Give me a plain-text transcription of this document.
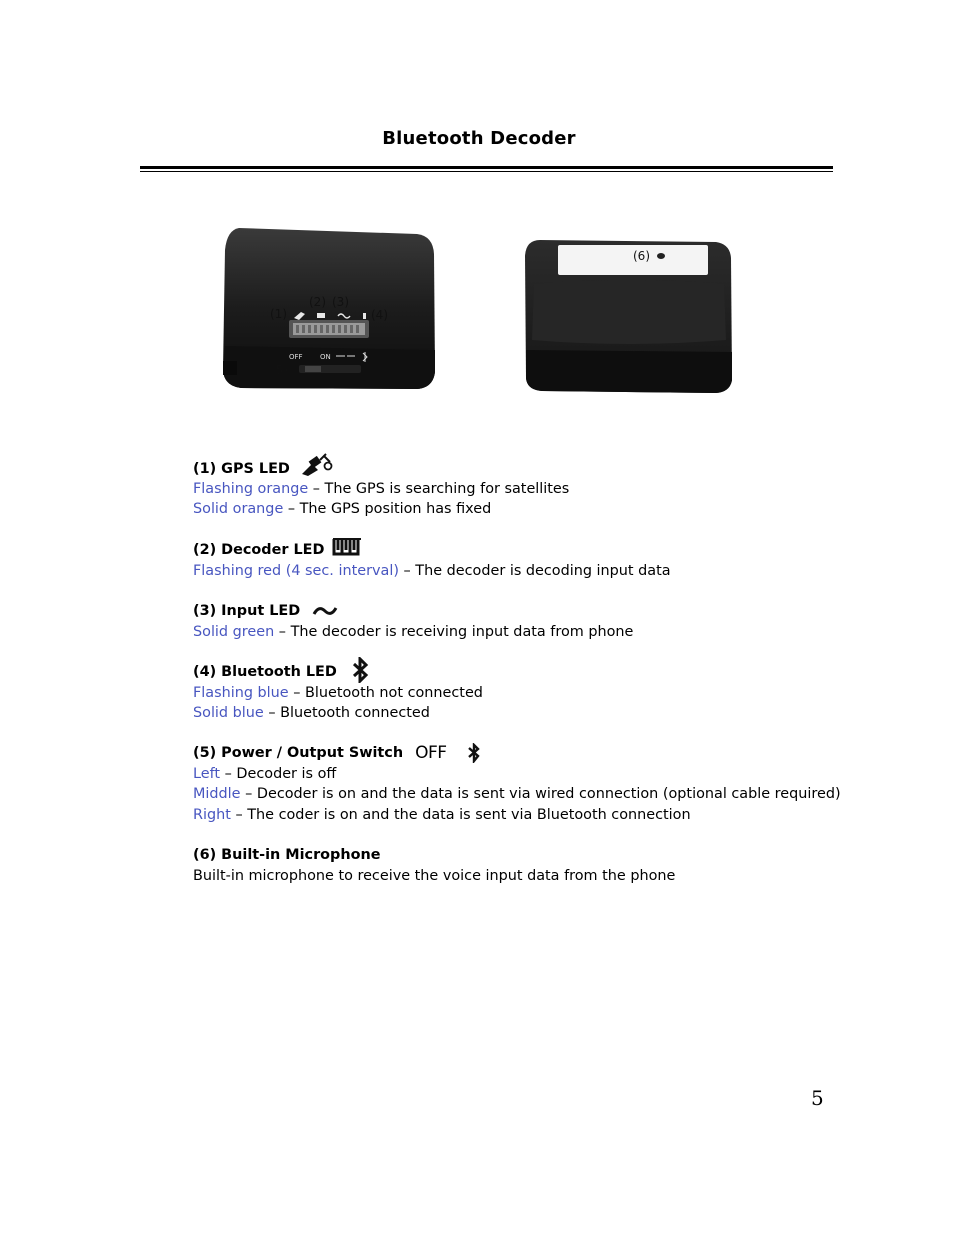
Bluetooth Decoder
OFF ON
(1)
(2) (3)
(4)
(5)
(6)
(1) GPS LED
Flashing orange – The GPS is searching for satellites
Solid orange – The GPS position has fixed
(2) Decoder LED
Flashing red (4 sec. interval) – The decoder is decoding input data
(3) Input LED
Solid green – The decoder is receiving input data from phone
(4) Bluetooth LED
Flashing blue – Bluetooth not connected
Solid blue – Bluetooth connected
(5) Power / Output Switch OFF
Left – Decoder is off
Middle – Decoder is on and the data is sent via wired connection (optional cable required)
Right – The coder is on and the data is sent via Bluetooth connection
(6) Built-in Microphone
Built-in microphone to receive the voice input data from the phone
5
